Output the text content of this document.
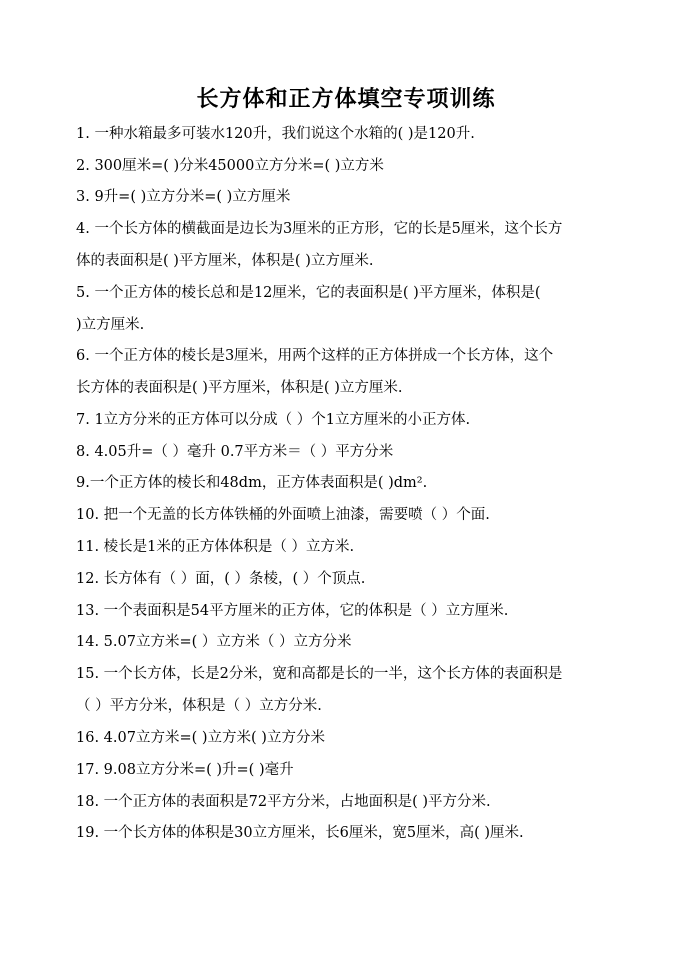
长方体和正方体填空专项训练
1. 一种水箱最多可装水120升，我们说这个水箱的( )是120升.
2. 300厘米=( )分米45000立方分米=( )立方米
3. 9升=( )立方分米=( )立方厘米
4. 一个长方体的横截面是边长为3厘米的正方形，它的长是5厘米，这个长方
体的表面积是( )平方厘米，体积是( )立方厘米.
5. 一个正方体的棱长总和是12厘米，它的表面积是( )平方厘米，体积是(
)立方厘米.
6. 一个正方体的棱长是3厘米，用两个这样的正方体拼成一个长方体，这个
长方体的表面积是( )平方厘米，体积是( )立方厘米.
7. 1立方分米的正方体可以分成（ ）个1立方厘米的小正方体.
8. 4.05升=（ ）毫升 0.7平方米＝（ ）平方分米
9.一个正方体的棱长和48dm，正方体表面积是( )dm².
10. 把一个无盖的长方体铁桶的外面喷上油漆，需要喷（ ）个面.
11. 棱长是1米的正方体体积是（ ）立方米.
12. 长方体有（ ）面，( ）条棱，( ）个顶点.
13. 一个表面积是54平方厘米的正方体，它的体积是（ ）立方厘米.
14. 5.07立方米=( ）立方米（ ）立方分米
15. 一个长方体，长是2分米，宽和高都是长的一半，这个长方体的表面积是
（ ）平方分米，体积是（ ）立方分米.
16. 4.07立方米=( )立方米( )立方分米
17. 9.08立方分米=( )升=( )毫升
18. 一个正方体的表面积是72平方分米，占地面积是( )平方分米.
19. 一个长方体的体积是30立方厘米，长6厘米，宽5厘米，高( )厘米.
